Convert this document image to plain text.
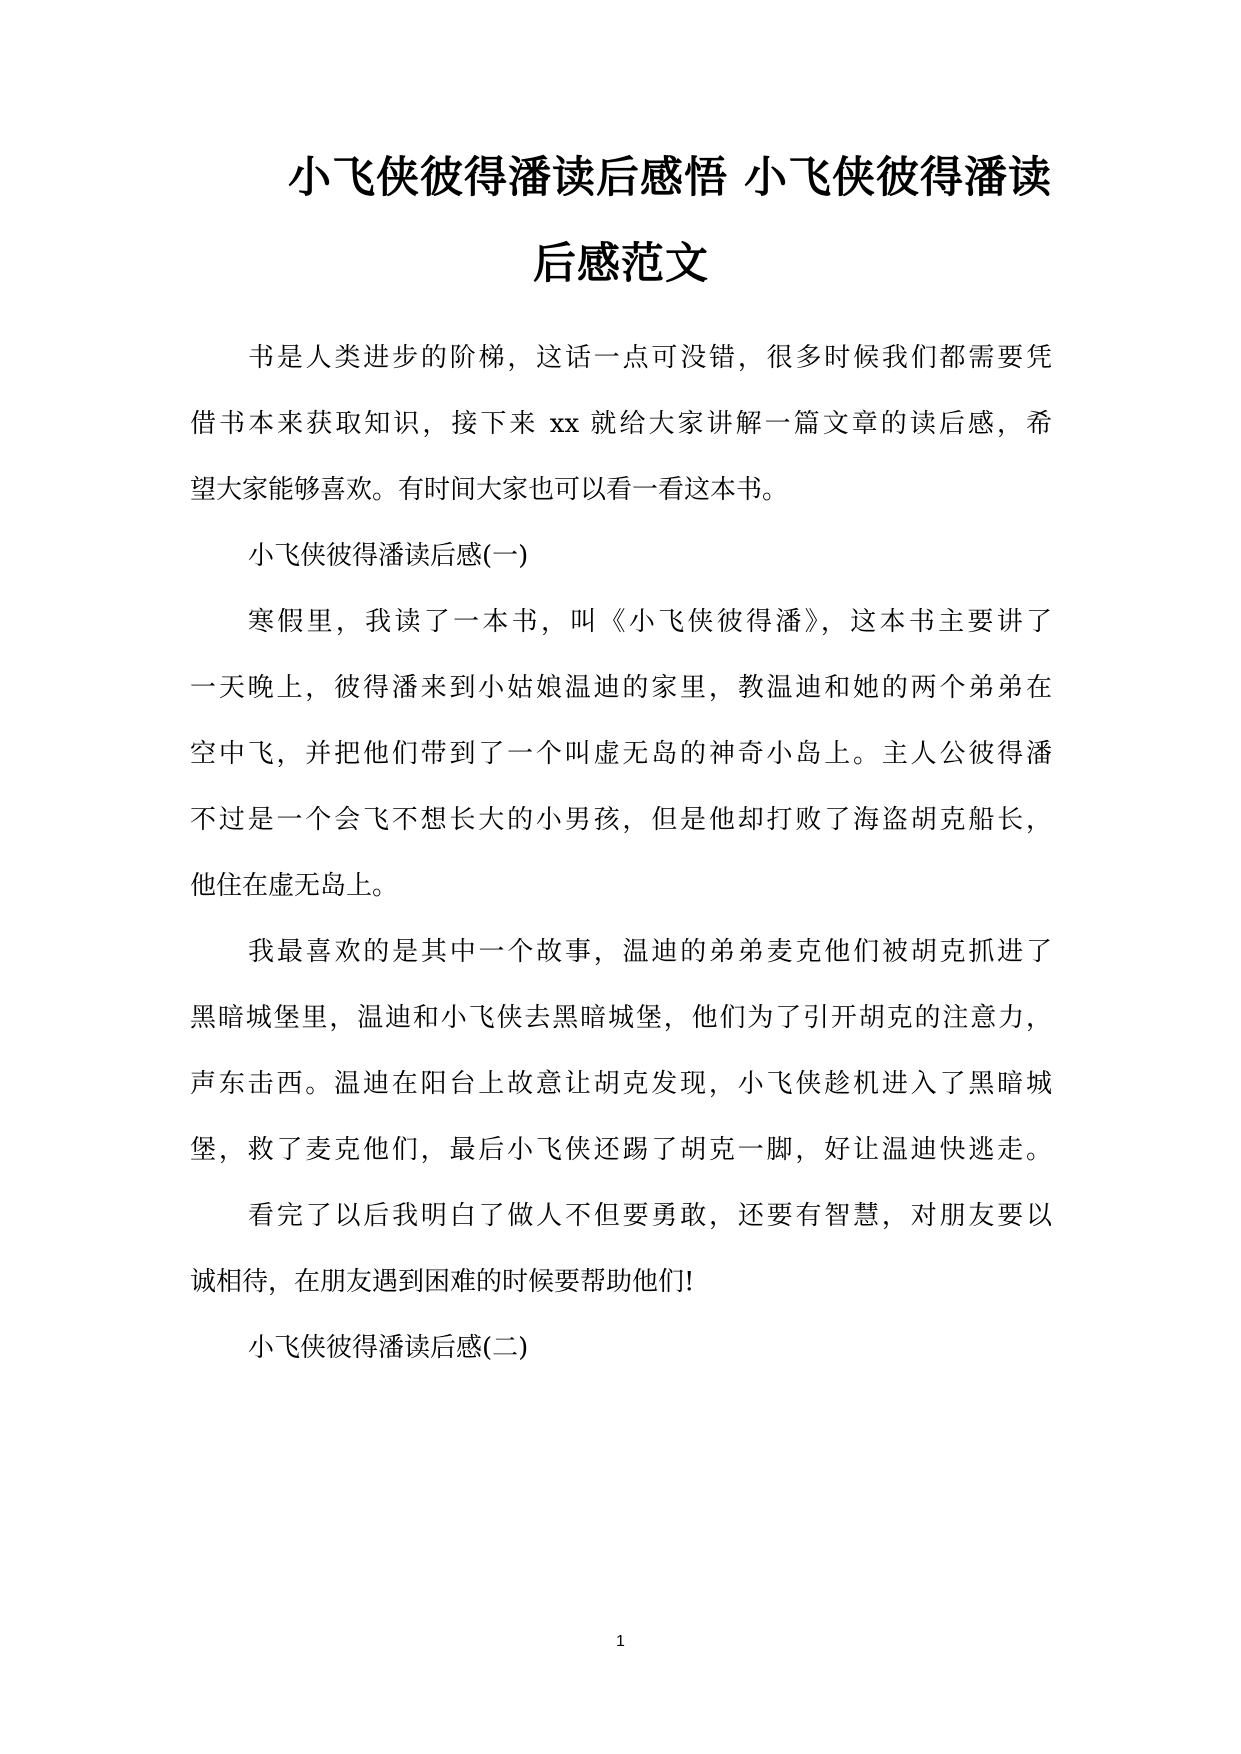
小飞侠彼得潘读后感悟 小飞侠彼得潘读
后感范文
书是人类进步的阶梯，这话一点可没错，很多时候我们都需要凭
借书本来获取知识，接下来 xx 就给大家讲解一篇文章的读后感，希
望大家能够喜欢。有时间大家也可以看一看这本书。
小飞侠彼得潘读后感(一)
寒假里，我读了一本书，叫《小飞侠彼得潘》，这本书主要讲了
一天晚上，彼得潘来到小姑娘温迪的家里，教温迪和她的两个弟弟在
空中飞，并把他们带到了一个叫虚无岛的神奇小岛上。主人公彼得潘
不过是一个会飞不想长大的小男孩，但是他却打败了海盗胡克船长，
他住在虚无岛上。
我最喜欢的是其中一个故事，温迪的弟弟麦克他们被胡克抓进了
黑暗城堡里，温迪和小飞侠去黑暗城堡，他们为了引开胡克的注意力，
声东击西。温迪在阳台上故意让胡克发现，小飞侠趁机进入了黑暗城
堡，救了麦克他们，最后小飞侠还踢了胡克一脚，好让温迪快逃走。
看完了以后我明白了做人不但要勇敢，还要有智慧，对朋友要以
诚相待，在朋友遇到困难的时候要帮助他们!
小飞侠彼得潘读后感(二)
1
